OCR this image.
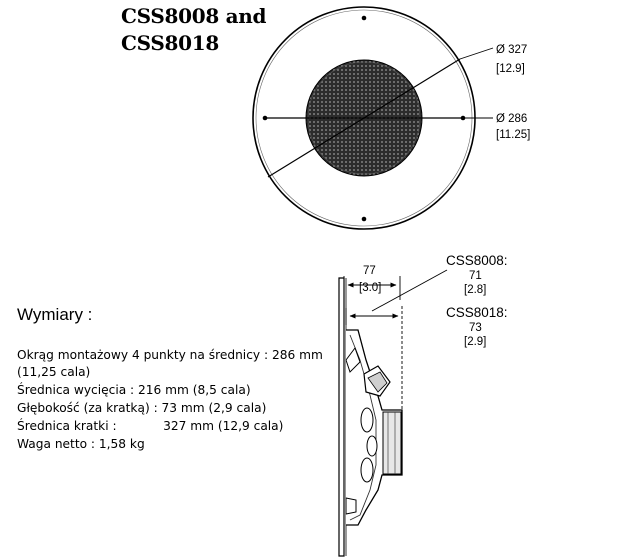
CSS8008 and
CSS8018	Ø 327
[12.9]
Ø 286
[11.25]
77
[3.0]
CSS8008:
71
[2.8]
CSS8018:
73
[2.9]
Wymiary :
Okrąg montażowy 4 punkty na średnicy : 286 mm
(11,25 cala)
Średnica wycięcia : 216 mm (8,5 cala)
Głębokość (za kratką) : 73 mm (2,9 cala)
Średnica kratki :            327 mm (12,9 cala)
Waga netto : 1,58 kg
